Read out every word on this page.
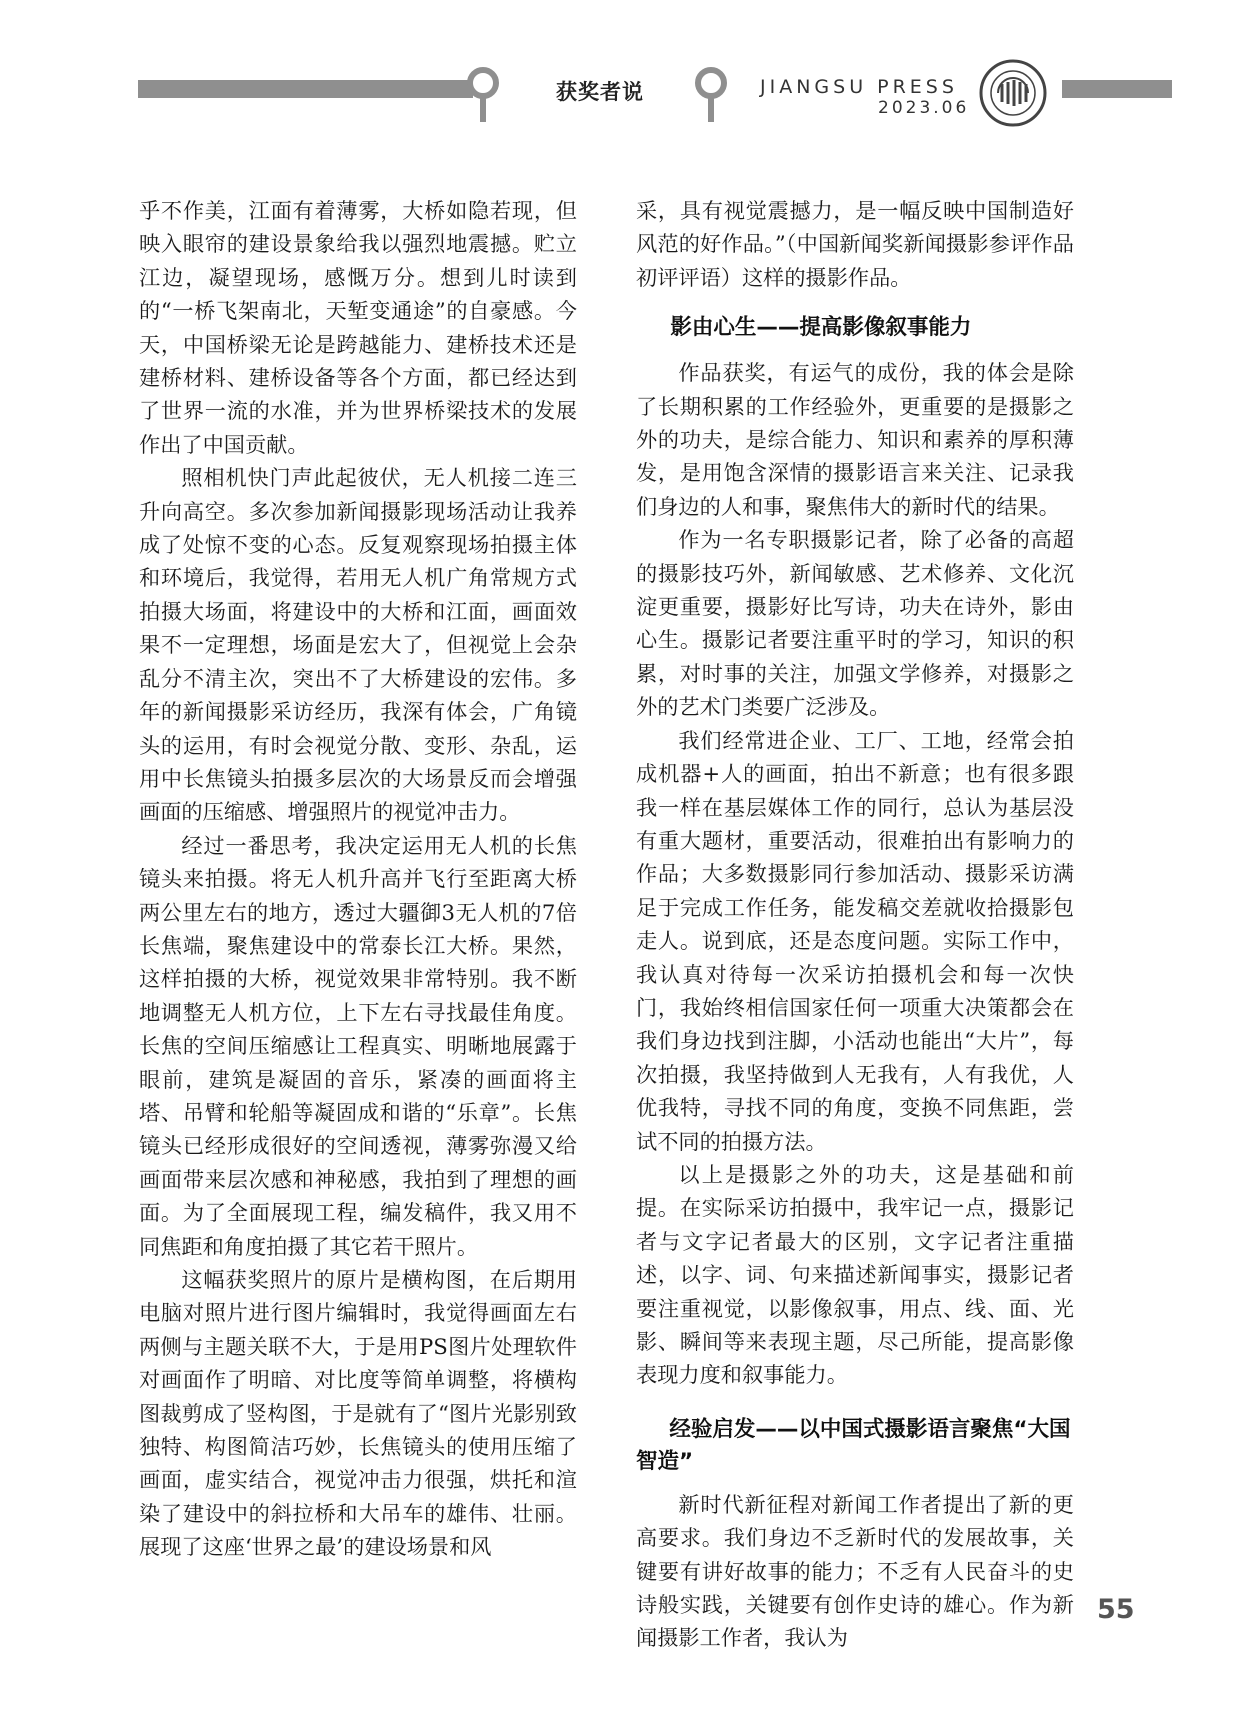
获奖者说	JIANGSU PRESS
2023.06

乎不作美，江面有着薄雾，大桥如隐若现，但映入眼帘的建设景象给我以强烈地震撼。贮立江边，凝望现场，感慨万分。想到儿时读到的“一桥飞架南北，天堑变通途”的自豪感。今天，中国桥梁无论是跨越能力、建桥技术还是建桥材料、建桥设备等各个方面，都已经达到了世界一流的水准，并为世界桥梁技术的发展作出了中国贡献。

照相机快门声此起彼伏，无人机接二连三升向高空。多次参加新闻摄影现场活动让我养成了处惊不变的心态。反复观察现场拍摄主体和环境后，我觉得，若用无人机广角常规方式拍摄大场面，将建设中的大桥和江面，画面效果不一定理想，场面是宏大了，但视觉上会杂乱分不清主次，突出不了大桥建设的宏伟。多年的新闻摄影采访经历，我深有体会，广角镜头的运用，有时会视觉分散、变形、杂乱，运用中长焦镜头拍摄多层次的大场景反而会增强画面的压缩感、增强照片的视觉冲击力。

经过一番思考，我决定运用无人机的长焦镜头来拍摄。将无人机升高并飞行至距离大桥两公里左右的地方，透过大疆御3无人机的7倍长焦端，聚焦建设中的常泰长江大桥。果然，这样拍摄的大桥，视觉效果非常特别。我不断地调整无人机方位，上下左右寻找最佳角度。长焦的空间压缩感让工程真实、明晰地展露于眼前，建筑是凝固的音乐，紧凑的画面将主塔、吊臂和轮船等凝固成和谐的“乐章”。长焦镜头已经形成很好的空间透视，薄雾弥漫又给画面带来层次感和神秘感，我拍到了理想的画面。为了全面展现工程，编发稿件，我又用不同焦距和角度拍摄了其它若干照片。

这幅获奖照片的原片是横构图，在后期用电脑对照片进行图片编辑时，我觉得画面左右两侧与主题关联不大，于是用PS图片处理软件对画面作了明暗、对比度等简单调整，将横构图裁剪成了竖构图，于是就有了“图片光影别致独特、构图简洁巧妙，长焦镜头的使用压缩了画面，虚实结合，视觉冲击力很强，烘托和渲染了建设中的斜拉桥和大吊车的雄伟、壮丽。展现了这座‘世界之最’的建设场景和风

采，具有视觉震撼力，是一幅反映中国制造好风范的好作品。”（中国新闻奖新闻摄影参评作品初评评语）这样的摄影作品。

影由心生——提高影像叙事能力

作品获奖，有运气的成份，我的体会是除了长期积累的工作经验外，更重要的是摄影之外的功夫，是综合能力、知识和素养的厚积薄发，是用饱含深情的摄影语言来关注、记录我们身边的人和事，聚焦伟大的新时代的结果。

作为一名专职摄影记者，除了必备的高超的摄影技巧外，新闻敏感、艺术修养、文化沉淀更重要，摄影好比写诗，功夫在诗外，影由心生。摄影记者要注重平时的学习，知识的积累，对时事的关注，加强文学修养，对摄影之外的艺术门类要广泛涉及。

我们经常进企业、工厂、工地，经常会拍成机器+人的画面，拍出不新意；也有很多跟我一样在基层媒体工作的同行，总认为基层没有重大题材，重要活动，很难拍出有影响力的作品；大多数摄影同行参加活动、摄影采访满足于完成工作任务，能发稿交差就收拾摄影包走人。说到底，还是态度问题。实际工作中，我认真对待每一次采访拍摄机会和每一次快门，我始终相信国家任何一项重大决策都会在我们身边找到注脚，小活动也能出“大片”，每次拍摄，我坚持做到人无我有，人有我优，人优我特，寻找不同的角度，变换不同焦距，尝试不同的拍摄方法。

以上是摄影之外的功夫，这是基础和前提。在实际采访拍摄中，我牢记一点，摄影记者与文字记者最大的区别，文字记者注重描述，以字、词、句来描述新闻事实，摄影记者要注重视觉，以影像叙事，用点、线、面、光影、瞬间等来表现主题，尽己所能，提高影像表现力度和叙事能力。

经验启发——以中国式摄影语言聚焦“大国智造”

新时代新征程对新闻工作者提出了新的更高要求。我们身边不乏新时代的发展故事，关键要有讲好故事的能力；不乏有人民奋斗的史诗般实践，关键要有创作史诗的雄心。作为新闻摄影工作者，我认为

55
